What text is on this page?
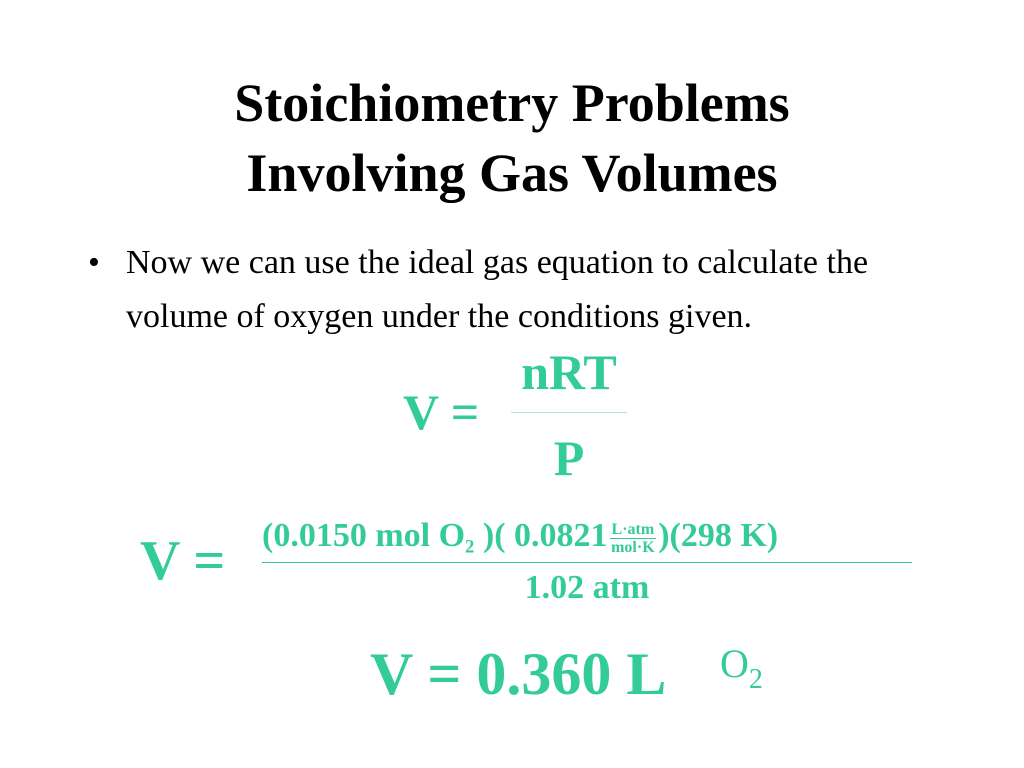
Stoichiometry Problems
Involving Gas Volumes
• Now we can use the ideal gas equation to calculate the volume of oxygen under the conditions given.
V =
nRT
P
V = (0.0150 mol $O_2$ )( $0.0821 \frac{\text{L·atm}}{\text{mol·K}} )(298$ K)
1.02 atm
V = 0.360 L $O_2$
